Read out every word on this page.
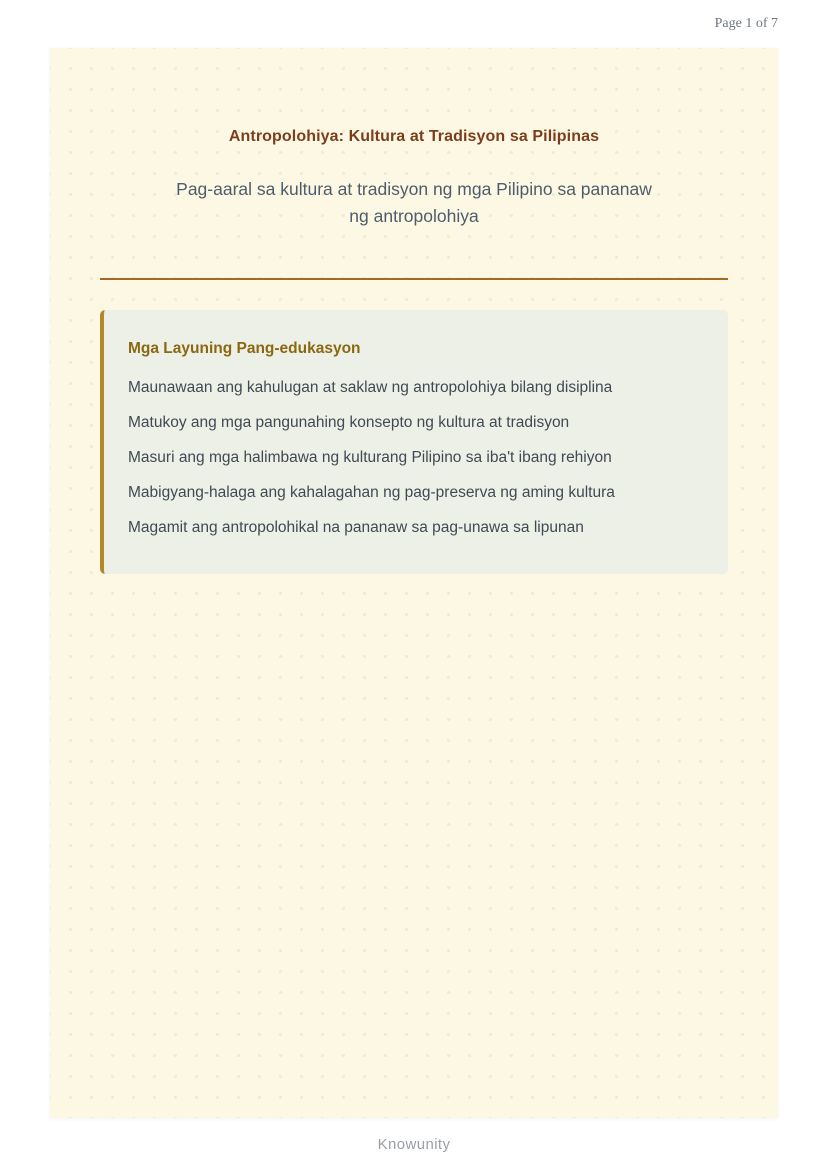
Page 1 of 7
Antropolohiya: Kultura at Tradisyon sa Pilipinas

Pag-aaral sa kultura at tradisyon ng mga Pilipino sa pananaw ng antropolohiya

Mga Layuning Pang-edukasyon

Maunawaan ang kahulugan at saklaw ng antropolohiya bilang disiplina

Matukoy ang mga pangunahing konsepto ng kultura at tradisyon

Masuri ang mga halimbawa ng kulturang Pilipino sa iba't ibang rehiyon

Mabigyang-halaga ang kahalagahan ng pag-preserva ng aming kultura

Magamit ang antropolohikal na pananaw sa pag-unawa sa lipunan

Knowunity
